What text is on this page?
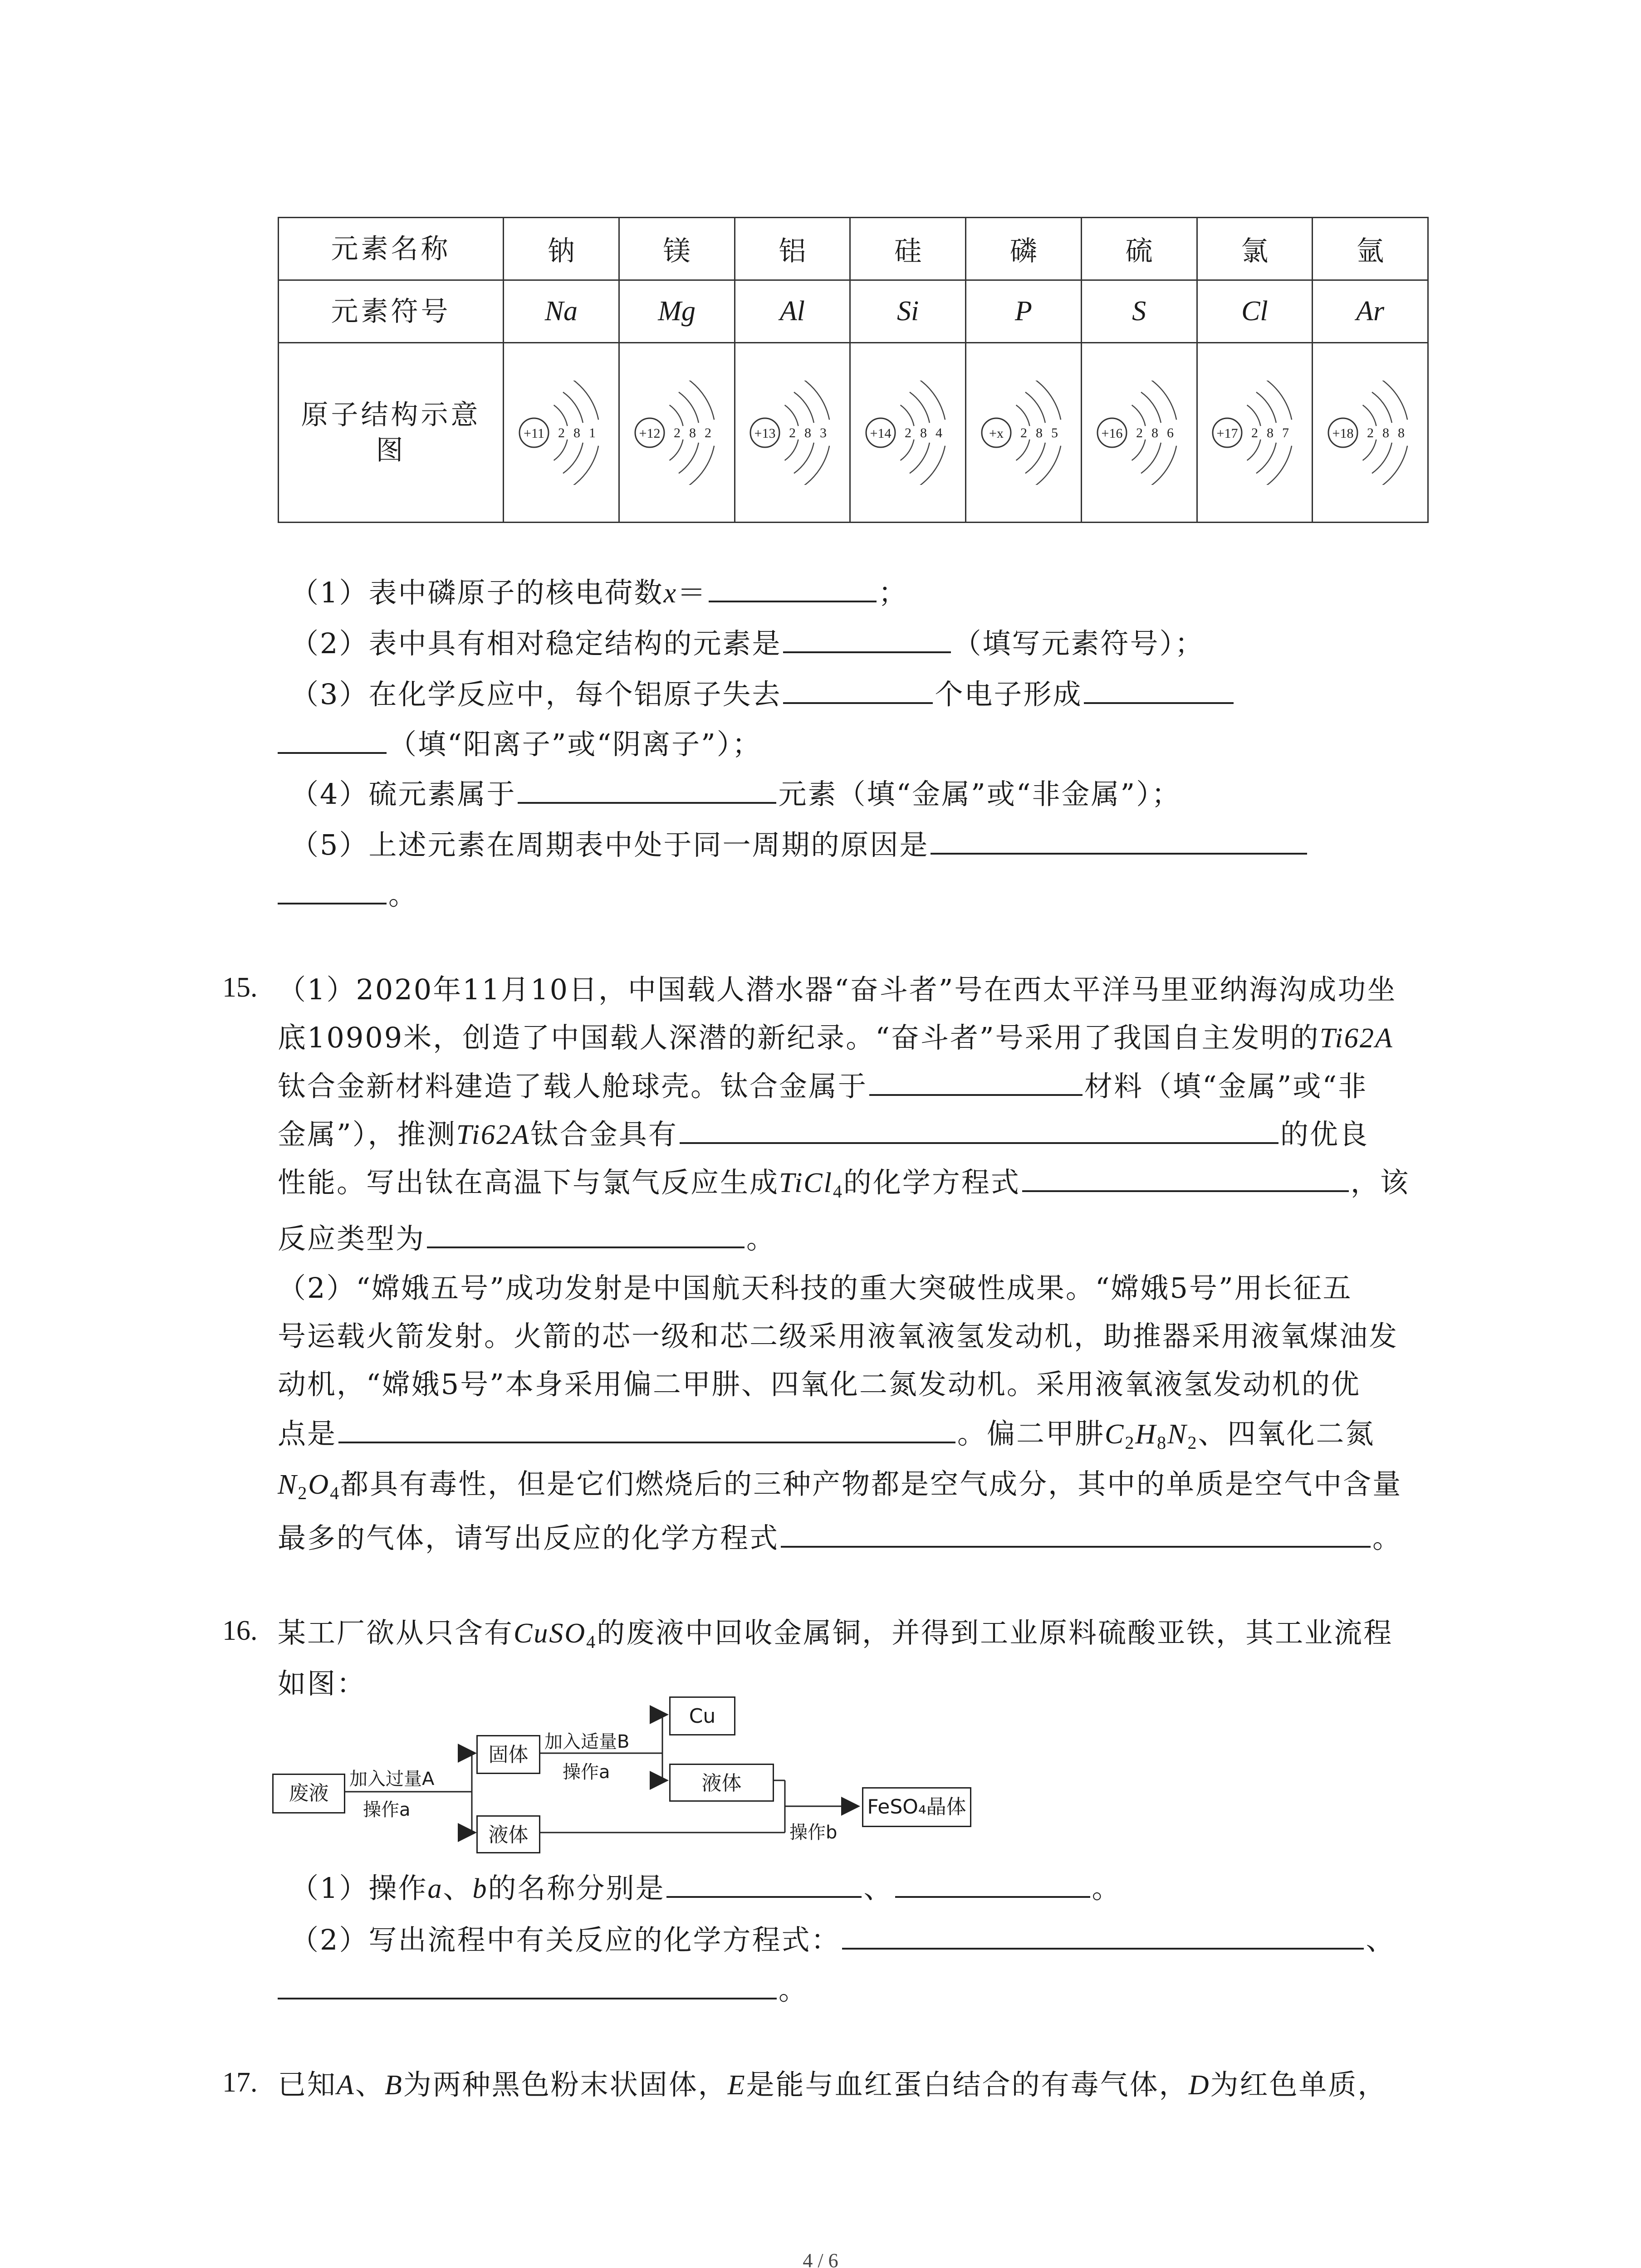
元素名称	钠	镁	铝	硅	磷	硫	氯	氩
元素符号	Na	Mg	Al	Si	P	S	Cl	Ar
原子结构示意图	+11 2 8 1	+12 2 8 2	+13 2 8 3	+14 2 8 4	+x 2 8 5	+16 2 8 6	+17 2 8 7	+18 2 8 8
（1）表中磷原子的核电荷数x＝	；
（2）表中具有相对稳定结构的元素是	（填写元素符号）；
（3）在化学反应中，每个铝原子失去	个电子形成
（填“阳离子”或“阴离子”）；
（4）硫元素属于	元素（填“金属”或“非金属”）；
（5）上述元素在周期表中处于同一周期的原因是
。
15. （1）2020年11月10日，中国载人潜水器“奋斗者”号在西太平洋马里亚纳海沟成功坐
底10909米，创造了中国载人深潜的新纪录。“奋斗者”号采用了我国自主发明的Ti62A
钛合金新材料建造了载人舱球壳。钛合金属于	材料（填“金属”或“非
金属”），推测Ti62A钛合金具有	的优良
性能。写出钛在高温下与氯气反应生成TiCl$_4$的化学方程式	，该
反应类型为	。
（2）“嫦娥五号”成功发射是中国航天科技的重大突破性成果。“嫦娥5号”用长征五
号运载火箭发射。火箭的芯一级和芯二级采用液氧液氢发动机，助推器采用液氧煤油发
动机，“嫦娥5号”本身采用偏二甲肼、四氧化二氮发动机。采用液氧液氢发动机的优
点是	。偏二甲肼$C_2H_8N_2$、四氧化二氮
$N_2O_4$都具有毒性，但是它们燃烧后的三种产物都是空气成分，其中的单质是空气中含量
最多的气体，请写出反应的化学方程式	。
16. 某工厂欲从只含有CuSO$_4$的废液中回收金属铜，并得到工业原料硫酸亚铁，其工业流程
如图：
废液
加入过量A
操作a
固体
液体
加入适量B
操作a
Cu
液体
操作b
FeSO₄晶体
（1）操作a、b的名称分别是	、	。
（2）写出流程中有关反应的化学方程式：	、
。
17. 已知A、B为两种黑色粉末状固体，E是能与血红蛋白结合的有毒气体，D为红色单质，
4 / 6
